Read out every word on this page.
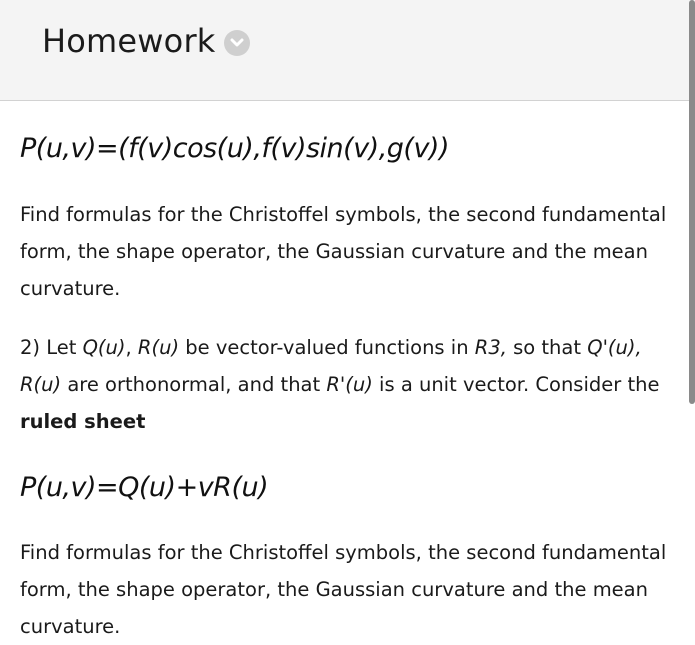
Homework

P(u,v)=(f(v)cos(u),f(v)sin(v),g(v))

Find formulas for the Christoffel symbols, the second fundamental form, the shape operator, the Gaussian curvature and the mean curvature.

2) Let Q(u), R(u) be vector-valued functions in R3, so that Q'(u), R(u) are orthonormal, and that R'(u) is a unit vector. Consider the ruled sheet

P(u,v)=Q(u)+vR(u)

Find formulas for the Christoffel symbols, the second fundamental form, the shape operator, the Gaussian curvature and the mean curvature.
